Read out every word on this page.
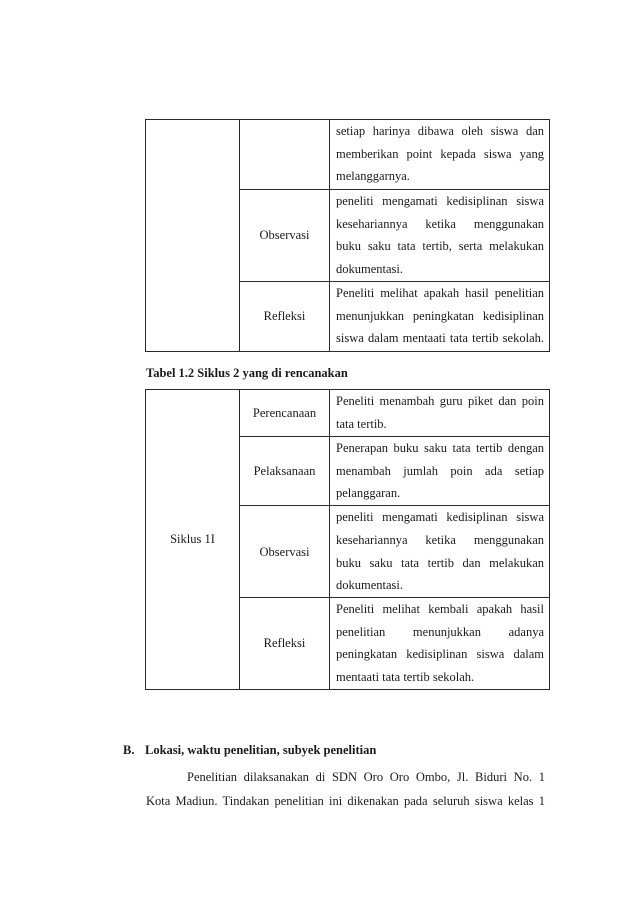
		setiap harinya dibawa oleh siswa dan
memberikan point kepada siswa yang
melanggarnya.

	Observasi	peneliti mengamati kedisiplinan siswa
kesehariannya ketika menggunakan
buku saku tata tertib, serta melakukan
dokumentasi.

	Refleksi	Peneliti melihat apakah hasil penelitian
menunjukkan peningkatan kedisiplinan
siswa dalam mentaati tata tertib sekolah.
Tabel 1.2 Siklus 2 yang di rencanakan
Siklus 1I	Perencanaan	Peneliti menambah guru piket dan poin
tata tertib.

	Pelaksanaan	Penerapan buku saku tata tertib dengan
menambah jumlah poin ada setiap
pelanggaran.

	Observasi	peneliti mengamati kedisiplinan siswa
kesehariannya ketika menggunakan
buku saku tata tertib dan melakukan
dokumentasi.

	Refleksi	Peneliti melihat kembali apakah hasil
penelitian menunjukkan adanya
peningkatan kedisiplinan siswa dalam
mentaati tata tertib sekolah.
B. Lokasi, waktu penelitian, subyek penelitian
Penelitian dilaksanakan di SDN Oro Oro Ombo, Jl. Biduri No. 1
Kota Madiun. Tindakan penelitian ini dikenakan pada seluruh siswa kelas 1
